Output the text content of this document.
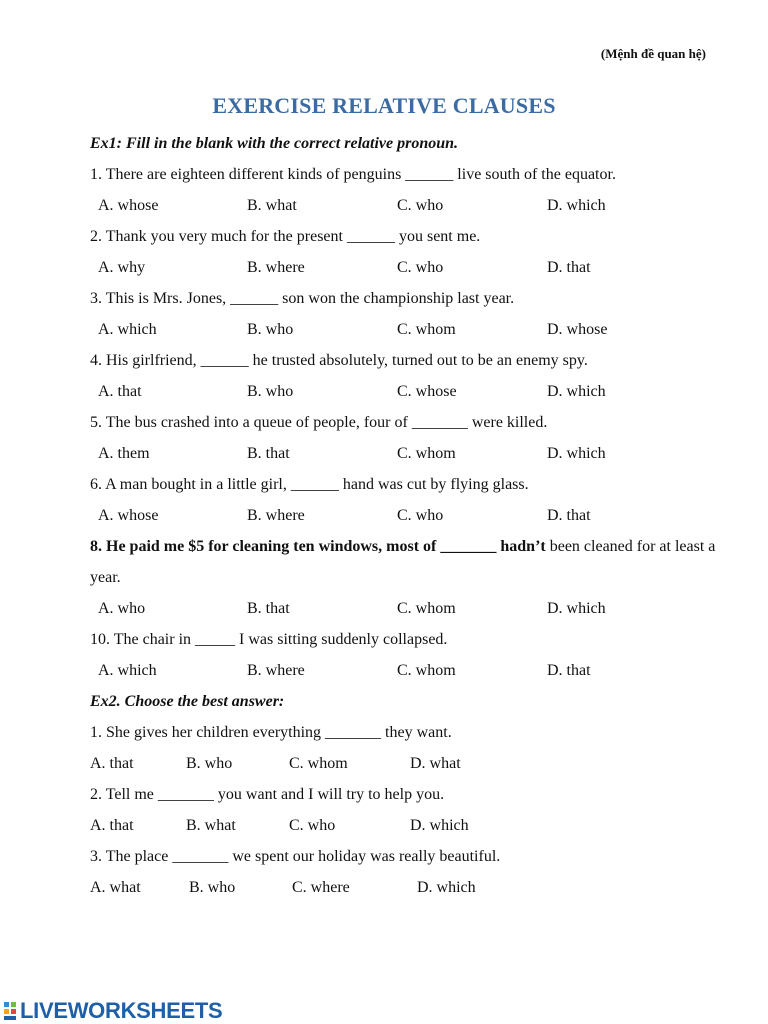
(Mệnh đề quan hệ)
EXERCISE RELATIVE CLAUSES
Ex1: Fill in the blank with the correct relative pronoun.
1. There are eighteen different kinds of penguins ______ live south of the equator.
A. whose	B. what	C. who	D. which
2. Thank you very much for the present ______ you sent me.
A. why	B. where	C. who	D. that
3. This is Mrs. Jones, ______ son won the championship last year.
A. which	B. who	C. whom	D. whose
4. His girlfriend, ______ he trusted absolutely, turned out to be an enemy spy.
A. that	B. who	C. whose	D. which
5. The bus crashed into a queue of people, four of _______ were killed.
A. them	B. that	C. whom	D. which
6. A man bought in a little girl, ______ hand was cut by flying glass.
A. whose	B. where	C. who	D. that
8. He paid me $5 for cleaning ten windows, most of _______ hadn’t been cleaned for at least a year.
A. who	B. that	C. whom	D. which
10. The chair in _____ I was sitting suddenly collapsed.
A. which	B. where	C. whom	D. that
Ex2. Choose the best answer:
1. She gives her children everything _______ they want.
A. that	B. who	C. whom	D. what
2. Tell me _______ you want and I will try to help you.
A. that	B. what	C. who	D. which
3. The place _______ we spent our holiday was really beautiful.
A. what	B. who	C. where	D. which
LIVEWORKSHEETS
